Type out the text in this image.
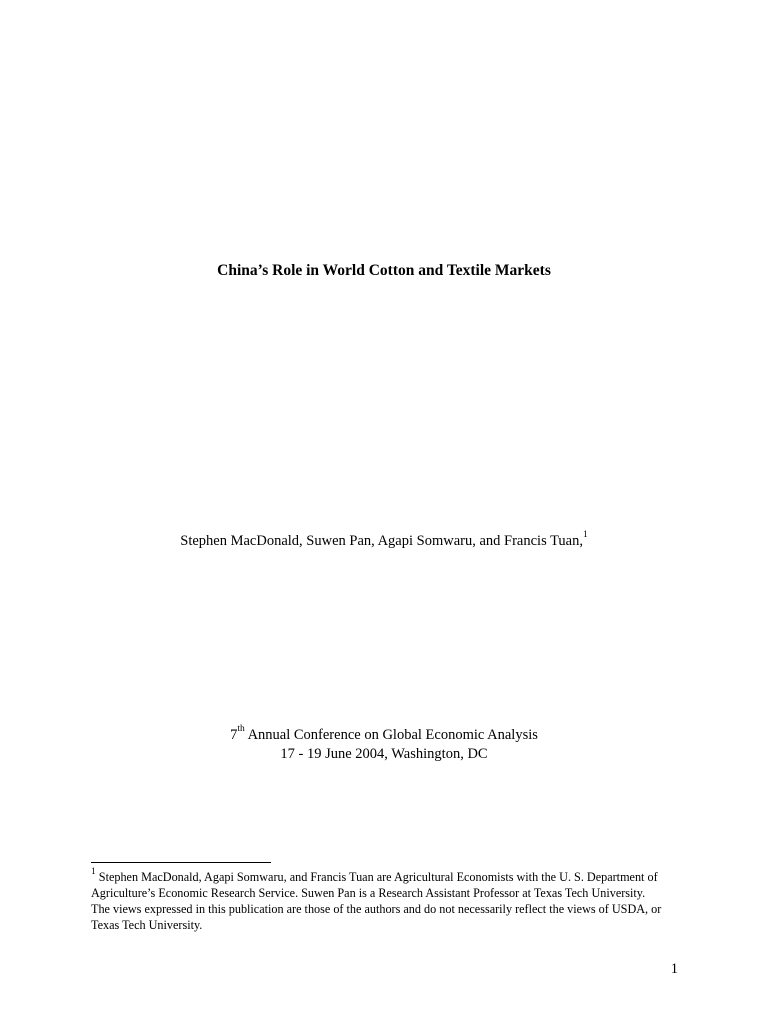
China’s Role in World Cotton and Textile Markets
Stephen MacDonald, Suwen Pan, Agapi Somwaru, and Francis Tuan,$^1$
7th Annual Conference on Global Economic Analysis
17 - 19 June 2004, Washington, DC

$^1$ Stephen MacDonald, Agapi Somwaru, and Francis Tuan are Agricultural Economists with the U. S. Department of

Agriculture’s Economic Research Service. Suwen Pan is a Research Assistant Professor at Texas Tech University.

The views expressed in this publication are those of the authors and do not necessarily reflect the views of USDA, or

Texas Tech University.

1
